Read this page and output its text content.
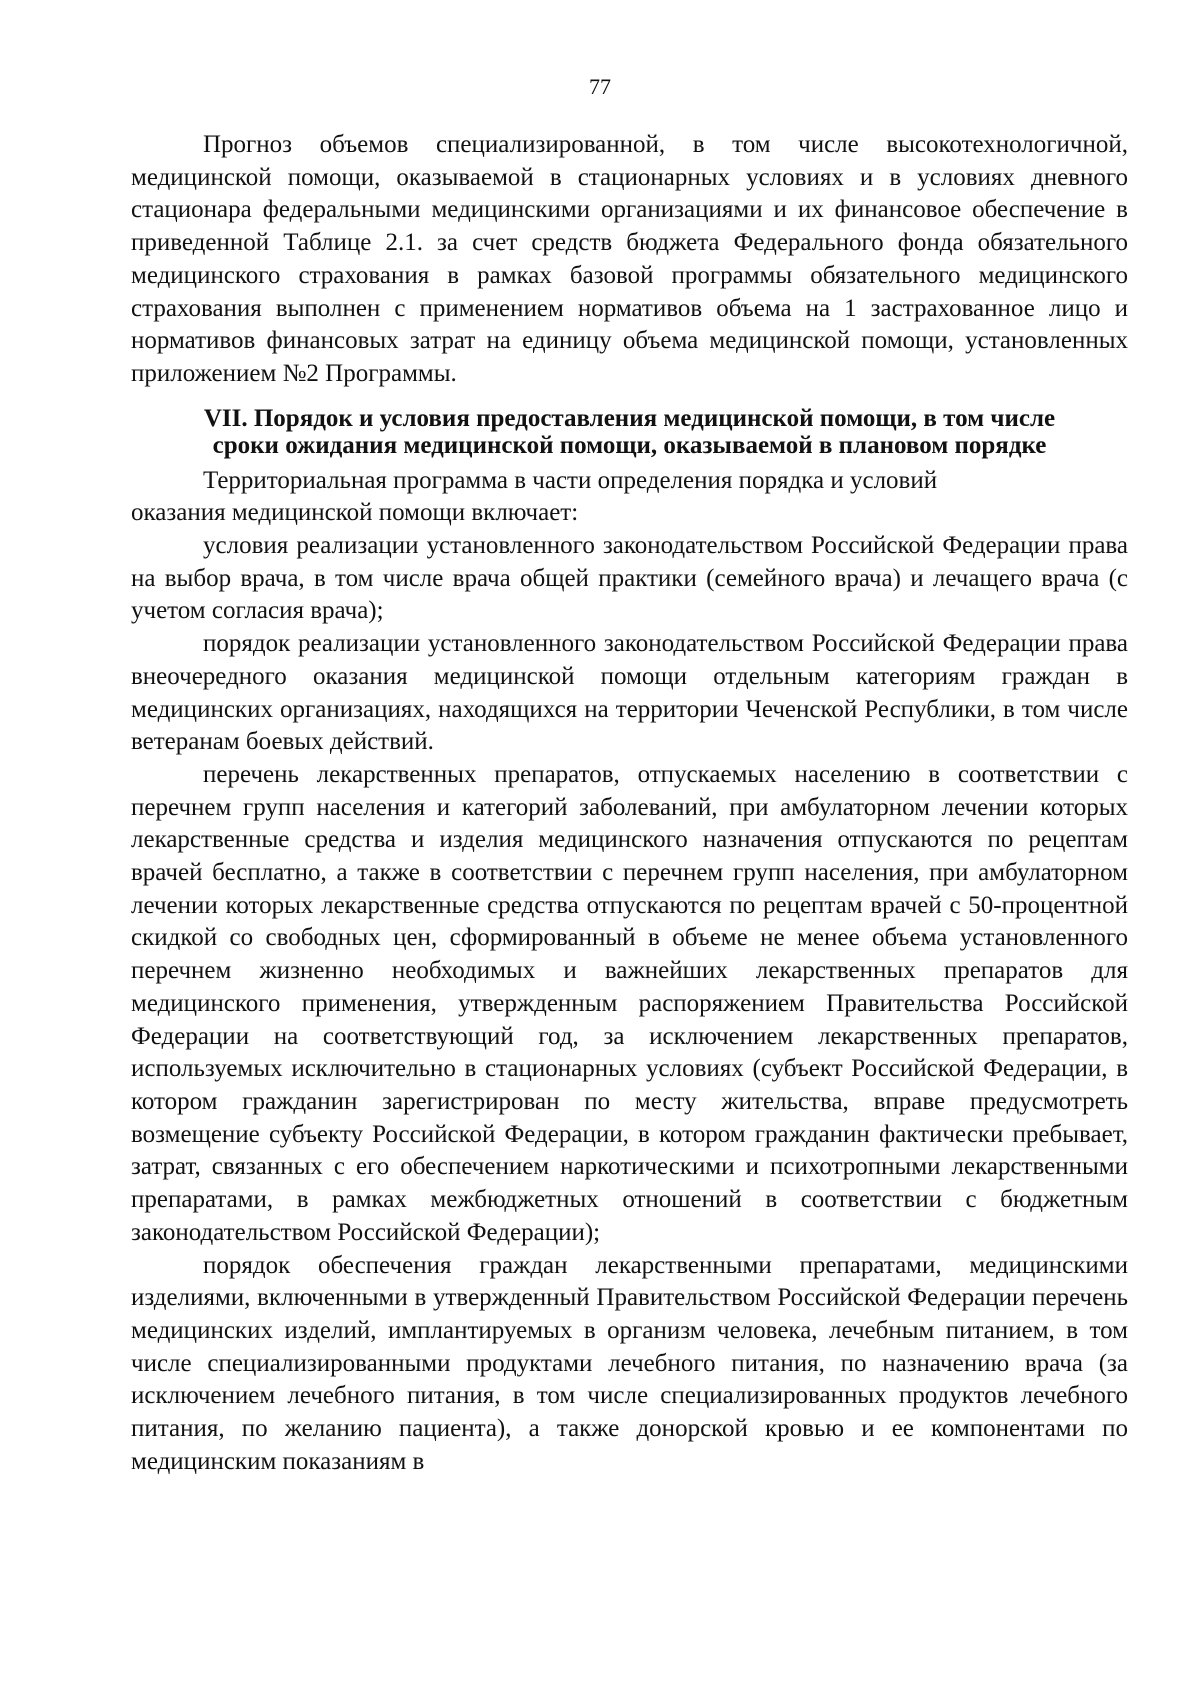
77

Прогноз объемов специализированной, в том числе высокотехнологичной, медицинской помощи, оказываемой в стационарных условиях и в условиях дневного стационара федеральными медицинскими организациями и их финансовое обеспечение в приведенной Таблице 2.1. за счет средств бюджета Федерального фонда обязательного медицинского страхования в рамках базовой программы обязательного медицинского страхования выполнен с применением нормативов объема на 1 застрахованное лицо и нормативов финансовых затрат на единицу объема медицинской помощи, установленных приложением №2 Программы.

VII. Порядок и условия предоставления медицинской помощи, в том числе
сроки ожидания медицинской помощи, оказываемой в плановом порядке

Территориальная программа в части определения порядка и условий

оказания медицинской помощи включает:

условия реализации установленного законодательством Российской Федерации права на выбор врача, в том числе врача общей практики (семейного врача) и лечащего врача (с учетом согласия врача);

порядок реализации установленного законодательством Российской Федерации права внеочередного оказания медицинской помощи отдельным категориям граждан в медицинских организациях, находящихся на территории Чеченской Республики, в том числе ветеранам боевых действий.

перечень лекарственных препаратов, отпускаемых населению в соответствии с перечнем групп населения и категорий заболеваний, при амбулаторном лечении которых лекарственные средства и изделия медицинского назначения отпускаются по рецептам врачей бесплатно, а также в соответствии с перечнем групп населения, при амбулаторном лечении которых лекарственные средства отпускаются по рецептам врачей с 50-процентной скидкой со свободных цен, сформированный в объеме не менее объема установленного перечнем жизненно необходимых и важнейших лекарственных препаратов для медицинского применения, утвержденным распоряжением Правительства Российской Федерации на соответствующий год, за исключением лекарственных препаратов, используемых исключительно в стационарных условиях (субъект Российской Федерации, в котором гражданин зарегистрирован по месту жительства, вправе предусмотреть возмещение субъекту Российской Федерации, в котором гражданин фактически пребывает, затрат, связанных с его обеспечением наркотическими и психотропными лекарственными препаратами, в рамках межбюджетных отношений в соответствии с бюджетным законодательством Российской Федерации);

порядок обеспечения граждан лекарственными препаратами, медицинскими изделиями, включенными в утвержденный Правительством Российской Федерации перечень медицинских изделий, имплантируемых в организм человека, лечебным питанием, в том числе специализированными продуктами лечебного питания, по назначению врача (за исключением лечебного питания, в том числе специализированных продуктов лечебного питания, по желанию пациента), а также донорской кровью и ее компонентами по медицинским показаниям в
